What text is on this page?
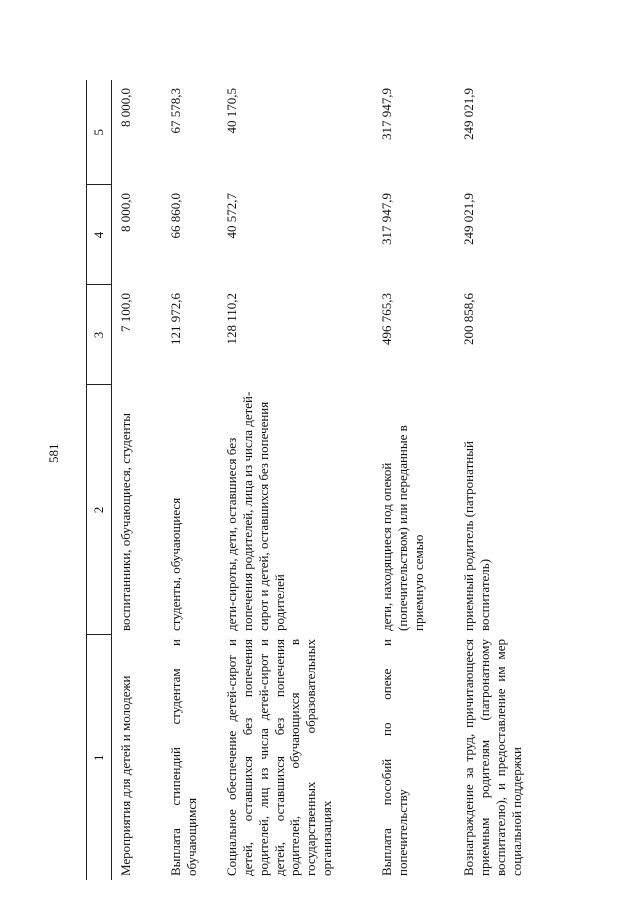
581
1	2	3	4	5
Мероприятия для детей и молодежи	воспитанники, обучающиеся, студенты	7 100,0	8 000,0	8 000,0
Выплата стипендий студентам и обучающимся	студенты, обучающиеся	121 972,6	66 860,0	67 578,3
Социальное обеспечение детей-сирот и детей, оставшихся без попечения родителей, лиц из числа детей-сирот и детей, оставшихся без попечения родителей, обучающихся в государственных образовательных организациях	дети-сироты, дети, оставшиеся без попечения родителей, лица из числа детей-сирот и детей, оставшихся без попечения родителей	128 110,2	40 572,7	40 170,5
Выплата пособий по опеке и попечительству	дети, находящиеся под опекой (попечительством) или переданные в приемную семью	496 765,3	317 947,9	317 947,9
Вознаграждение за труд, причитающееся приемным родителям (патронатному воспитателю), и предоставление им мер социальной поддержки	приемный родитель (патронатный воспитатель)	200 858,6	249 021,9	249 021,9
